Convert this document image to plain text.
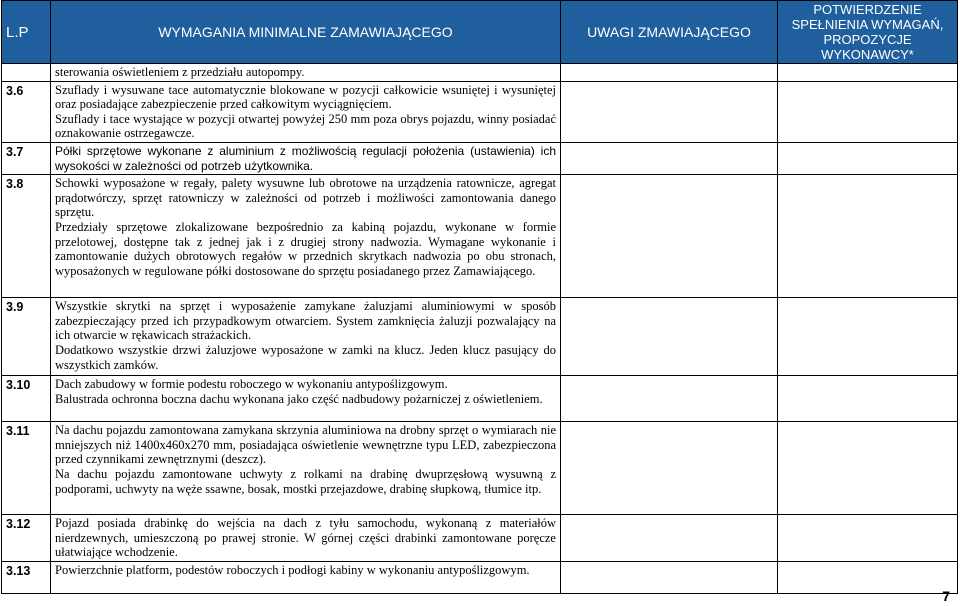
L.P	WYMAGANIA MINIMALNE ZAMAWIAJĄCEGO	UWAGI ZMAWIAJĄCEGO	POTWIERDZENIE
SPEŁNIENIA WYMAGAŃ,
PROPOZYCJE
WYKONAWCY*

	sterowania oświetleniem z przedziału autopompy.		

3.6	Szuflady i wysuwane tace automatycznie blokowane w pozycji całkowicie wsuniętej i wysuniętej oraz posiadające zabezpieczenie przed całkowitym wyciągnięciem.

Szuflady i tace wystające w pozycji otwartej powyżej 250 mm poza obrys pojazdu, winny posiadać oznakowanie ostrzegawcze.		

3.7	Półki sprzętowe wykonane z aluminium z możliwością regulacji położenia (ustawienia) ich wysokości w zależności od potrzeb użytkownika.		

3.8	Schowki wyposażone w regały, palety wysuwne lub obrotowe na urządzenia ratownicze, agregat prądotwórczy, sprzęt ratowniczy w zależności od potrzeb i możliwości zamontowania danego sprzętu.

Przedziały sprzętowe zlokalizowane bezpośrednio za kabiną pojazdu, wykonane w formie przelotowej, dostępne tak z jednej jak i z drugiej strony nadwozia. Wymagane wykonanie i zamontowanie dużych obrotowych regałów w przednich skrytkach nadwozia po obu stronach, wyposażonych w regulowane półki dostosowane do sprzętu posiadanego przez Zamawiającego.		

3.9	Wszystkie skrytki na sprzęt i wyposażenie zamykane żaluzjami aluminiowymi w sposób zabezpieczający przed ich przypadkowym otwarciem. System zamknięcia żaluzji pozwalający na ich otwarcie w rękawicach strażackich.

Dodatkowo wszystkie drzwi żaluzjowe wyposażone w zamki na klucz. Jeden klucz pasujący do wszystkich zamków.		

3.10	Dach zabudowy w formie podestu roboczego w wykonaniu antypoślizgowym.

Balustrada ochronna boczna dachu wykonana jako część nadbudowy pożarniczej z oświetleniem.		

3.11	Na dachu pojazdu zamontowana zamykana skrzynia aluminiowa na drobny sprzęt o wymiarach nie mniejszych niż 1400x460x270 mm, posiadająca oświetlenie wewnętrzne typu LED, zabezpieczona przed czynnikami zewnętrznymi (deszcz).

Na dachu pojazdu zamontowane uchwyty z rolkami na drabinę dwuprzęsłową wysuwną z podporami, uchwyty na węże ssawne, bosak, mostki przejazdowe, drabinę słupkową, tłumice itp.		

3.12	Pojazd posiada drabinkę do wejścia na dach z tyłu samochodu, wykonaną z materiałów nierdzewnych, umieszczoną po prawej stronie. W górnej części drabinki zamontowane poręcze ułatwiające wchodzenie.		

3.13	Powierzchnie platform, podestów roboczych i podłogi kabiny w wykonaniu antypoślizgowym.		

7
